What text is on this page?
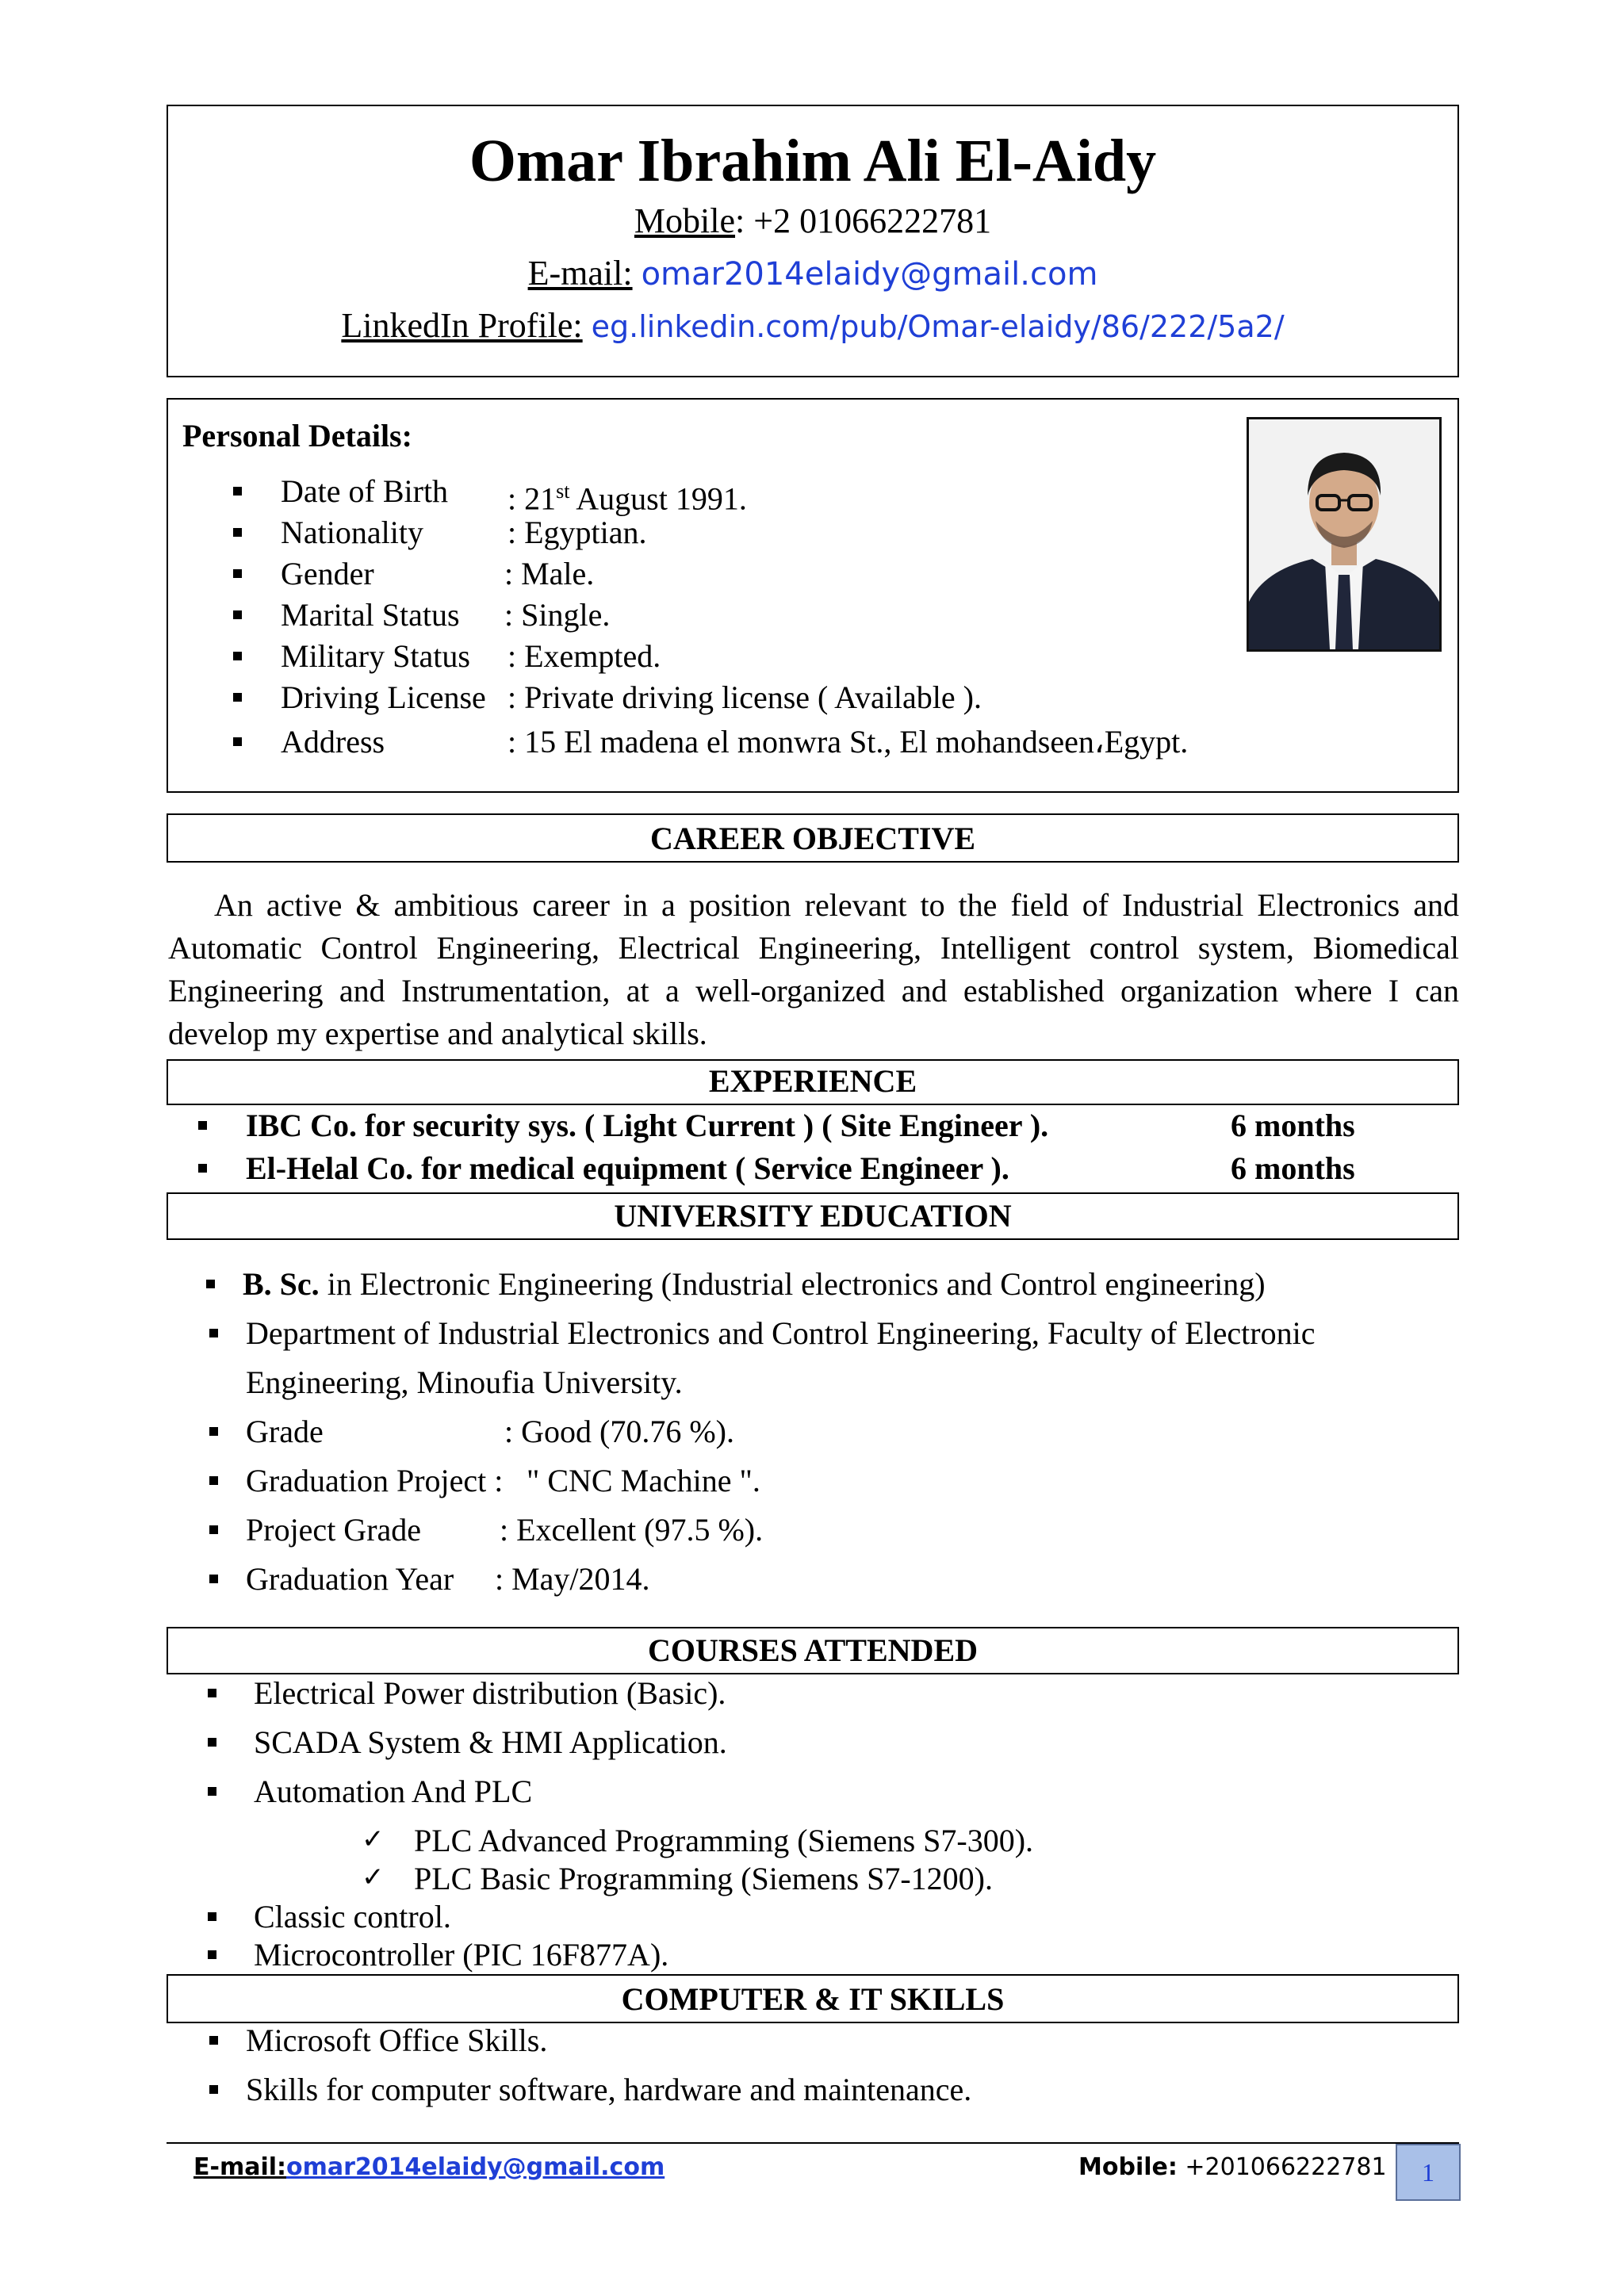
Omar Ibrahim Ali El-Aidy
Mobile: +2 01066222781
E-mail: omar2014elaidy@gmail.com
LinkedIn Profile: eg.linkedin.com/pub/Omar-elaidy/86/222/5a2/
Personal Details:
Date of Birth : 21st August 1991.
Nationality	: Egyptian.
Gender	: Male.
Marital Status : Single.
Military Status : Exempted.
Driving License : Private driving license ( Available ).
Address	: 15 El madena el monwra St., El mohandseen،Egypt.
CAREER OBJECTIVE
An active & ambitious career in a position relevant to the field of Industrial Electronics and
Automatic Control Engineering, Electrical Engineering, Intelligent control system, Biomedical
Engineering and Instrumentation, at a well-organized and established organization where I can
develop my expertise and analytical skills.
EXPERIENCE
IBC Co. for security sys. ( Light Current ) ( Site Engineer ).	6 months
El-Helal Co. for medical equipment ( Service Engineer ).	6 months
UNIVERSITY EDUCATION
B. Sc. in Electronic Engineering (Industrial electronics and Control engineering)
Department of Industrial Electronics and Control Engineering, Faculty of Electronic
Engineering, Minoufia University.
Grade	: Good (70.76 %).
Graduation Project : " CNC Machine ".
Project Grade : Excellent (97.5 %).
Graduation Year : May/2014.
COURSES ATTENDED
Electrical Power distribution (Basic).
SCADA System & HMI Application.
Automation And PLC
✓ PLC Advanced Programming (Siemens S7-300).
✓ PLC Basic Programming (Siemens S7-1200).
Classic control.
Microcontroller (PIC 16F877A).
COMPUTER & IT SKILLS
Microsoft Office Skills.
Skills for computer software, hardware and maintenance.
E-mail:omar2014elaidy@gmail.com	Mobile: +201066222781	1
